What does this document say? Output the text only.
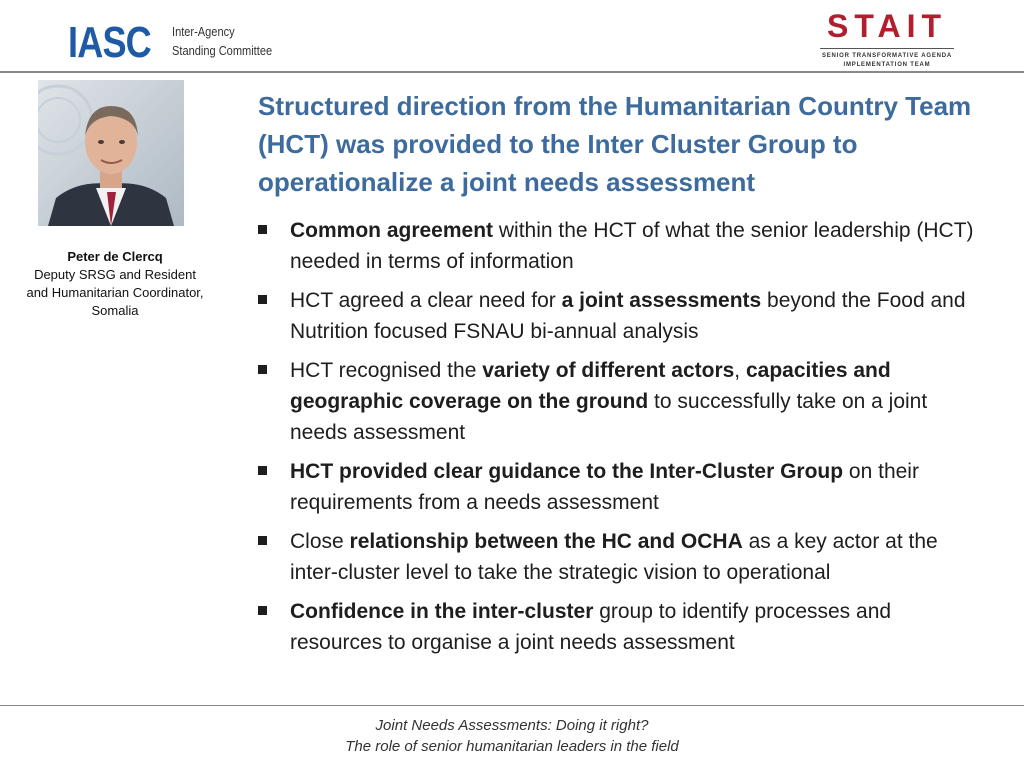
IASC Inter-Agency
Standing Committee
STAIT
SENIOR TRANSFORMATIVE AGENDA
IMPLEMENTATION TEAM
Peter de Clercq
Deputy SRSG and Resident
and Humanitarian Coordinator,
Somalia
Structured direction from the Humanitarian Country Team (HCT) was provided to the Inter Cluster Group to operationalize a joint needs assessment
Common agreement within the HCT of what the senior leadership (HCT) needed in terms of information
HCT agreed a clear need for a joint assessments beyond the Food and Nutrition focused FSNAU bi-annual analysis
HCT recognised the variety of different actors, capacities and geographic coverage on the ground to successfully take on a joint needs assessment
HCT provided clear guidance to the Inter-Cluster Group on their requirements from a needs assessment
Close relationship between the HC and OCHA as a key actor at the inter-cluster level to take the strategic vision to operational
Confidence in the inter-cluster group to identify processes and resources to organise a joint needs assessment
Joint Needs Assessments: Doing it right?
The role of senior humanitarian leaders in the field
